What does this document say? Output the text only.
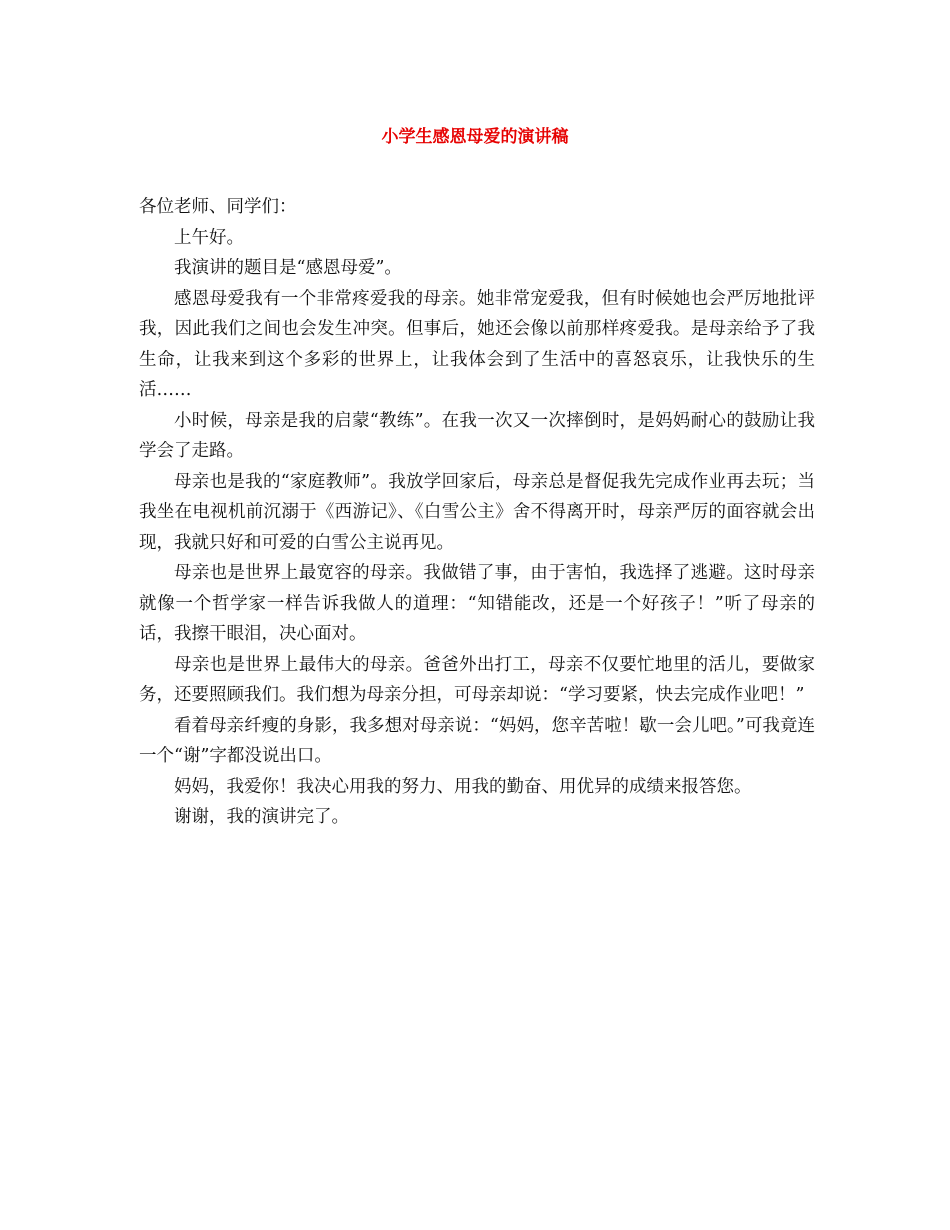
小学生感恩母爱的演讲稿

各位老师、同学们：

上午好。

我演讲的题目是“感恩母爱”。

感恩母爱我有一个非常疼爱我的母亲。她非常宠爱我，但有时候她也会严厉地批评我，因此我们之间也会发生冲突。但事后，她还会像以前那样疼爱我。是母亲给予了我生命，让我来到这个多彩的世界上，让我体会到了生活中的喜怒哀乐，让我快乐的生活……

小时候，母亲是我的启蒙“教练”。在我一次又一次摔倒时，是妈妈耐心的鼓励让我学会了走路。

母亲也是我的“家庭教师”。我放学回家后，母亲总是督促我先完成作业再去玩；当我坐在电视机前沉溺于《西游记》、《白雪公主》舍不得离开时，母亲严厉的面容就会出现，我就只好和可爱的白雪公主说再见。

母亲也是世界上最宽容的母亲。我做错了事，由于害怕，我选择了逃避。这时母亲就像一个哲学家一样告诉我做人的道理：“知错能改，还是一个好孩子！”听了母亲的话，我擦干眼泪，决心面对。

母亲也是世界上最伟大的母亲。爸爸外出打工，母亲不仅要忙地里的活儿，要做家务，还要照顾我们。我们想为母亲分担，可母亲却说：“学习要紧，快去完成作业吧！”

看着母亲纤瘦的身影，我多想对母亲说：“妈妈，您辛苦啦！歇一会儿吧。”可我竟连一个“谢”字都没说出口。

妈妈，我爱你！我决心用我的努力、用我的勤奋、用优异的成绩来报答您。

谢谢，我的演讲完了。
